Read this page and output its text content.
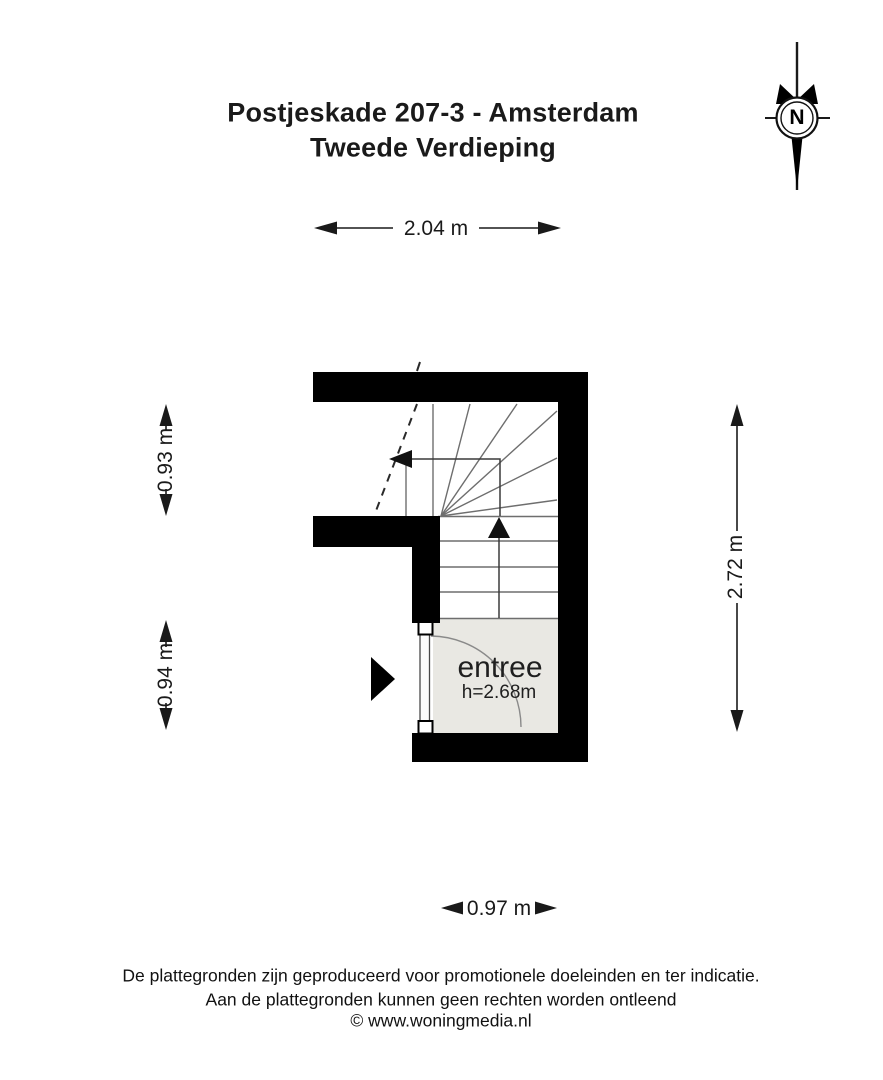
Postjeskade 207-3 - Amsterdam
Tweede Verdieping
N
2.04 m
0.93 m
0.94 m
2.72 m
0.97 m
entree
h=2.68m
De plattegronden zijn geproduceerd voor promotionele doeleinden en ter indicatie.
Aan de plattegronden kunnen geen rechten worden ontleend
© www.woningmedia.nl
